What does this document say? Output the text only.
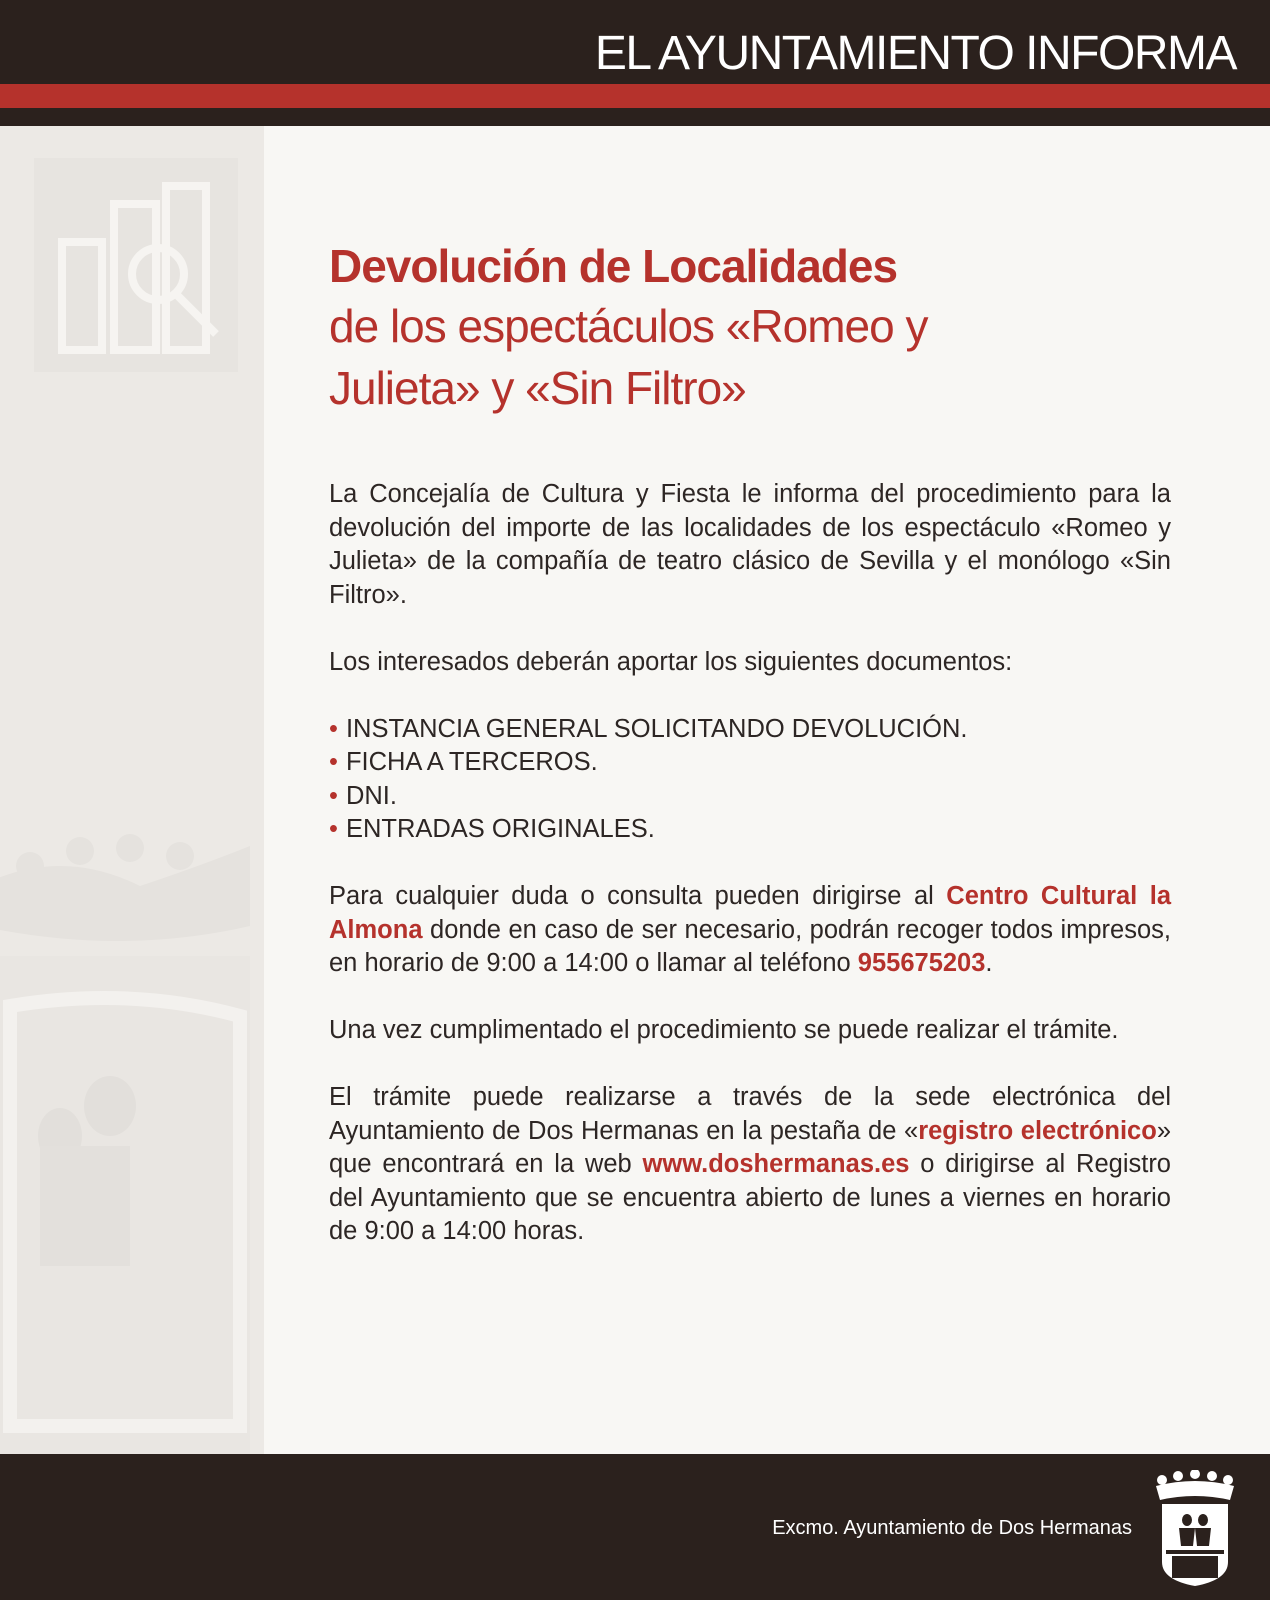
EL AYUNTAMIENTO INFORMA

Devolución de Localidades

de los espectáculos «Romeo y

Julieta» y «Sin Filtro»

La Concejalía de Cultura y Fiesta le informa del procedimiento para la devolución del importe de las localidades de los espectáculo «Romeo y Julieta» de la compañía de teatro clásico de Sevilla y el monólogo «Sin Filtro».

Los interesados deberán aportar los siguientes documentos:

• INSTANCIA GENERAL SOLICITANDO DEVOLUCIÓN.
• FICHA A TERCEROS.
• DNI.
• ENTRADAS ORIGINALES.

Para cualquier duda o consulta pueden dirigirse al Centro Cultural la Almona donde en caso de ser necesario, podrán recoger todos impresos, en horario de 9:00 a 14:00 o llamar al teléfono 955675203.

Una vez cumplimentado el procedimiento se puede realizar el trámite.

El trámite puede realizarse a través de la sede electrónica del Ayuntamiento de Dos Hermanas en la pestaña de «registro electrónico» que encontrará en la web www.doshermanas.es o dirigirse al Registro del Ayuntamiento que se encuentra abierto de lunes a viernes en horario de 9:00 a 14:00 horas.

Excmo. Ayuntamiento de Dos Hermanas
